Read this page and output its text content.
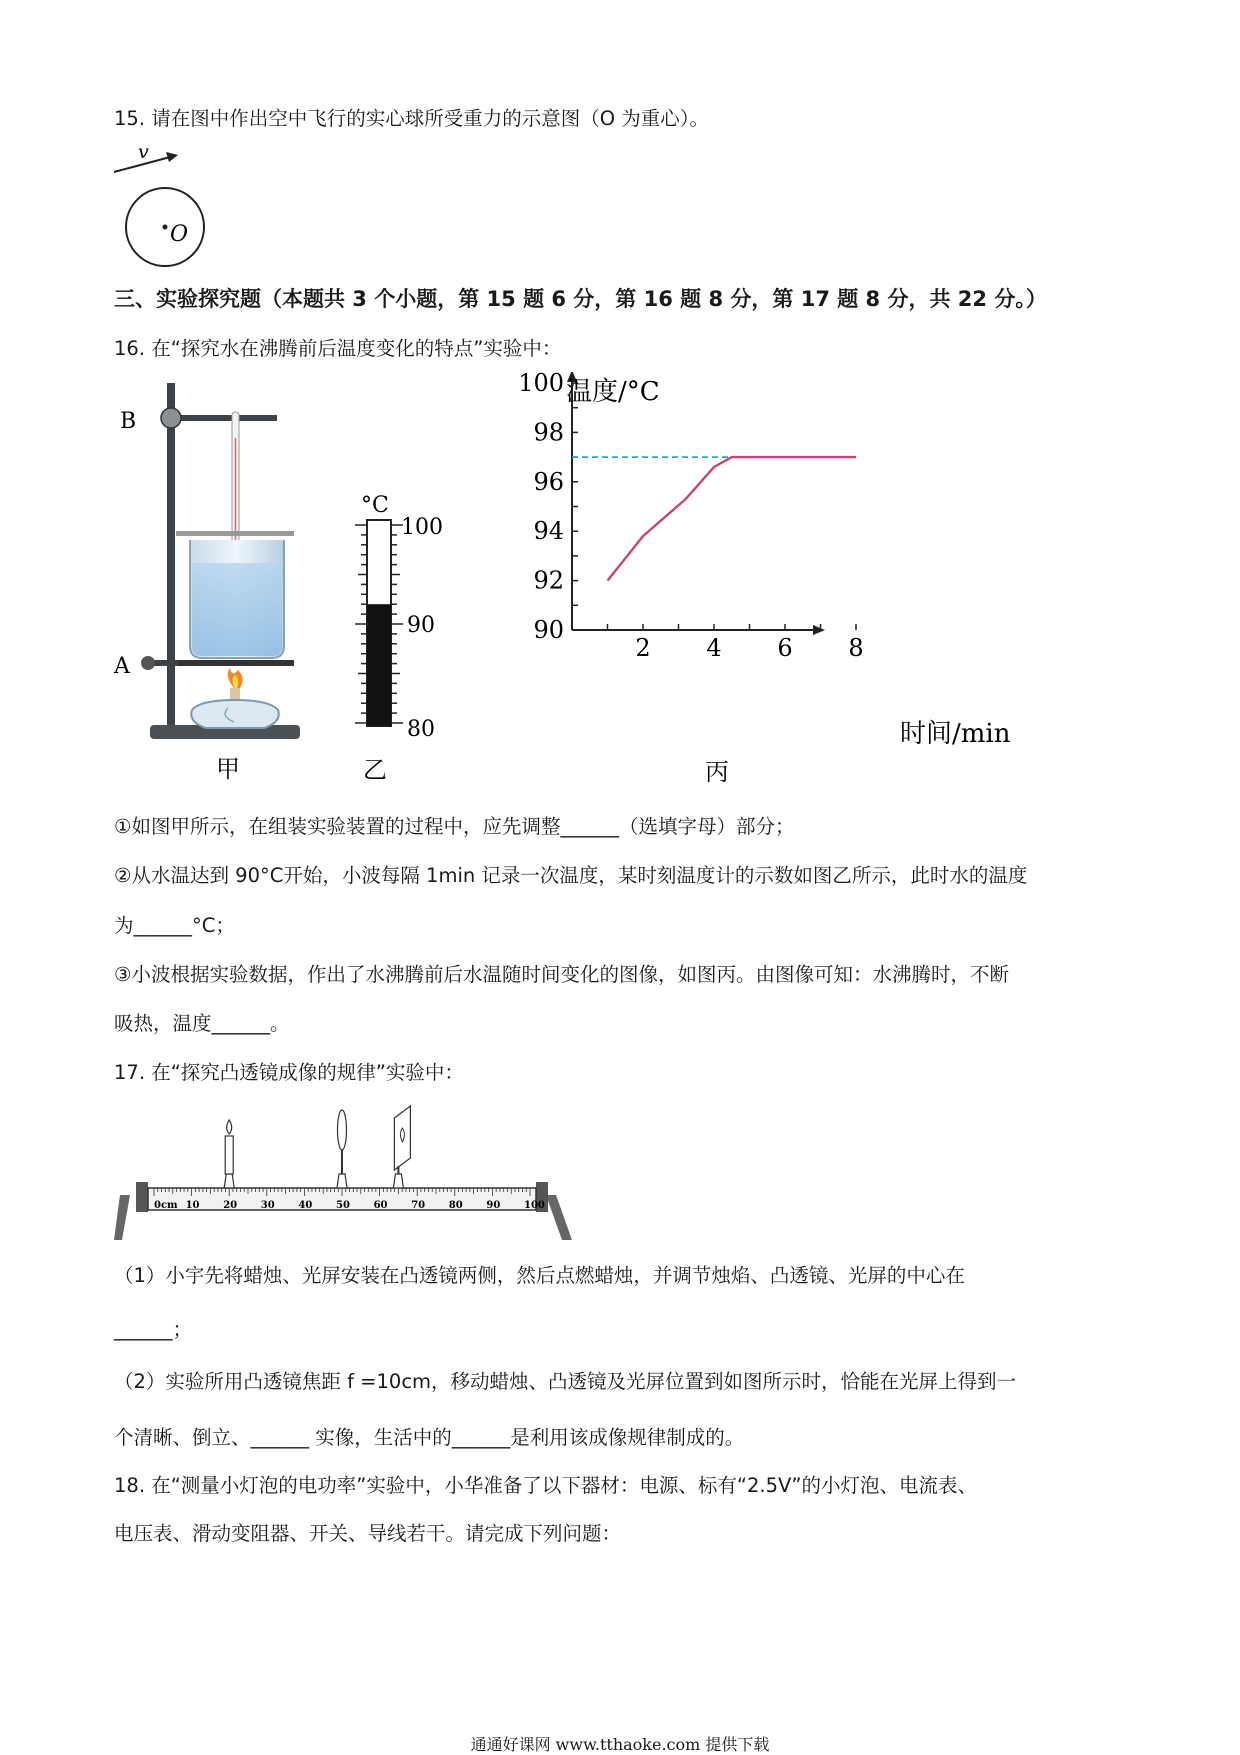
15. 请在图中作出空中飞行的实心球所受重力的示意图（O 为重心）。
v
O
三、实验探究题（本题共 3 个小题，第 15 题 6 分，第 16 题 8 分，第 17 题 8 分，共 22 分。）
16. 在“探究水在沸腾前后温度变化的特点”实验中：
B
A
甲
°C
100
90
80
乙
2 4 6 8
90
92
94
96
98
100 温度/°C
时间/min
丙
①如图甲所示，在组装实验装置的过程中，应先调整______（选填字母）部分；
②从水温达到 90°C开始，小波每隔 1min 记录一次温度，某时刻温度计的示数如图乙所示，此时水的温度
为______°C；
③小波根据实验数据，作出了水沸腾前后水温随时间变化的图像，如图丙。由图像可知：水沸腾时，不断
吸热，温度______。
17. 在“探究凸透镜成像的规律”实验中：
0cm 10 20 30 40 50 60 70 80 90 100
（1）小宇先将蜡烛、光屏安装在凸透镜两侧，然后点燃蜡烛，并调节烛焰、凸透镜、光屏的中心在
______；
（2）实验所用凸透镜焦距 f =10cm，移动蜡烛、凸透镜及光屏位置到如图所示时，恰能在光屏上得到一
个清晰、倒立、______ 实像，生活中的______是利用该成像规律制成的。
18. 在“测量小灯泡的电功率”实验中，小华准备了以下器材：电源、标有“2.5V”的小灯泡、电流表、
电压表、滑动变阻器、开关、导线若干。请完成下列问题：
通通好课网 www.tthaoke.com 提供下载
